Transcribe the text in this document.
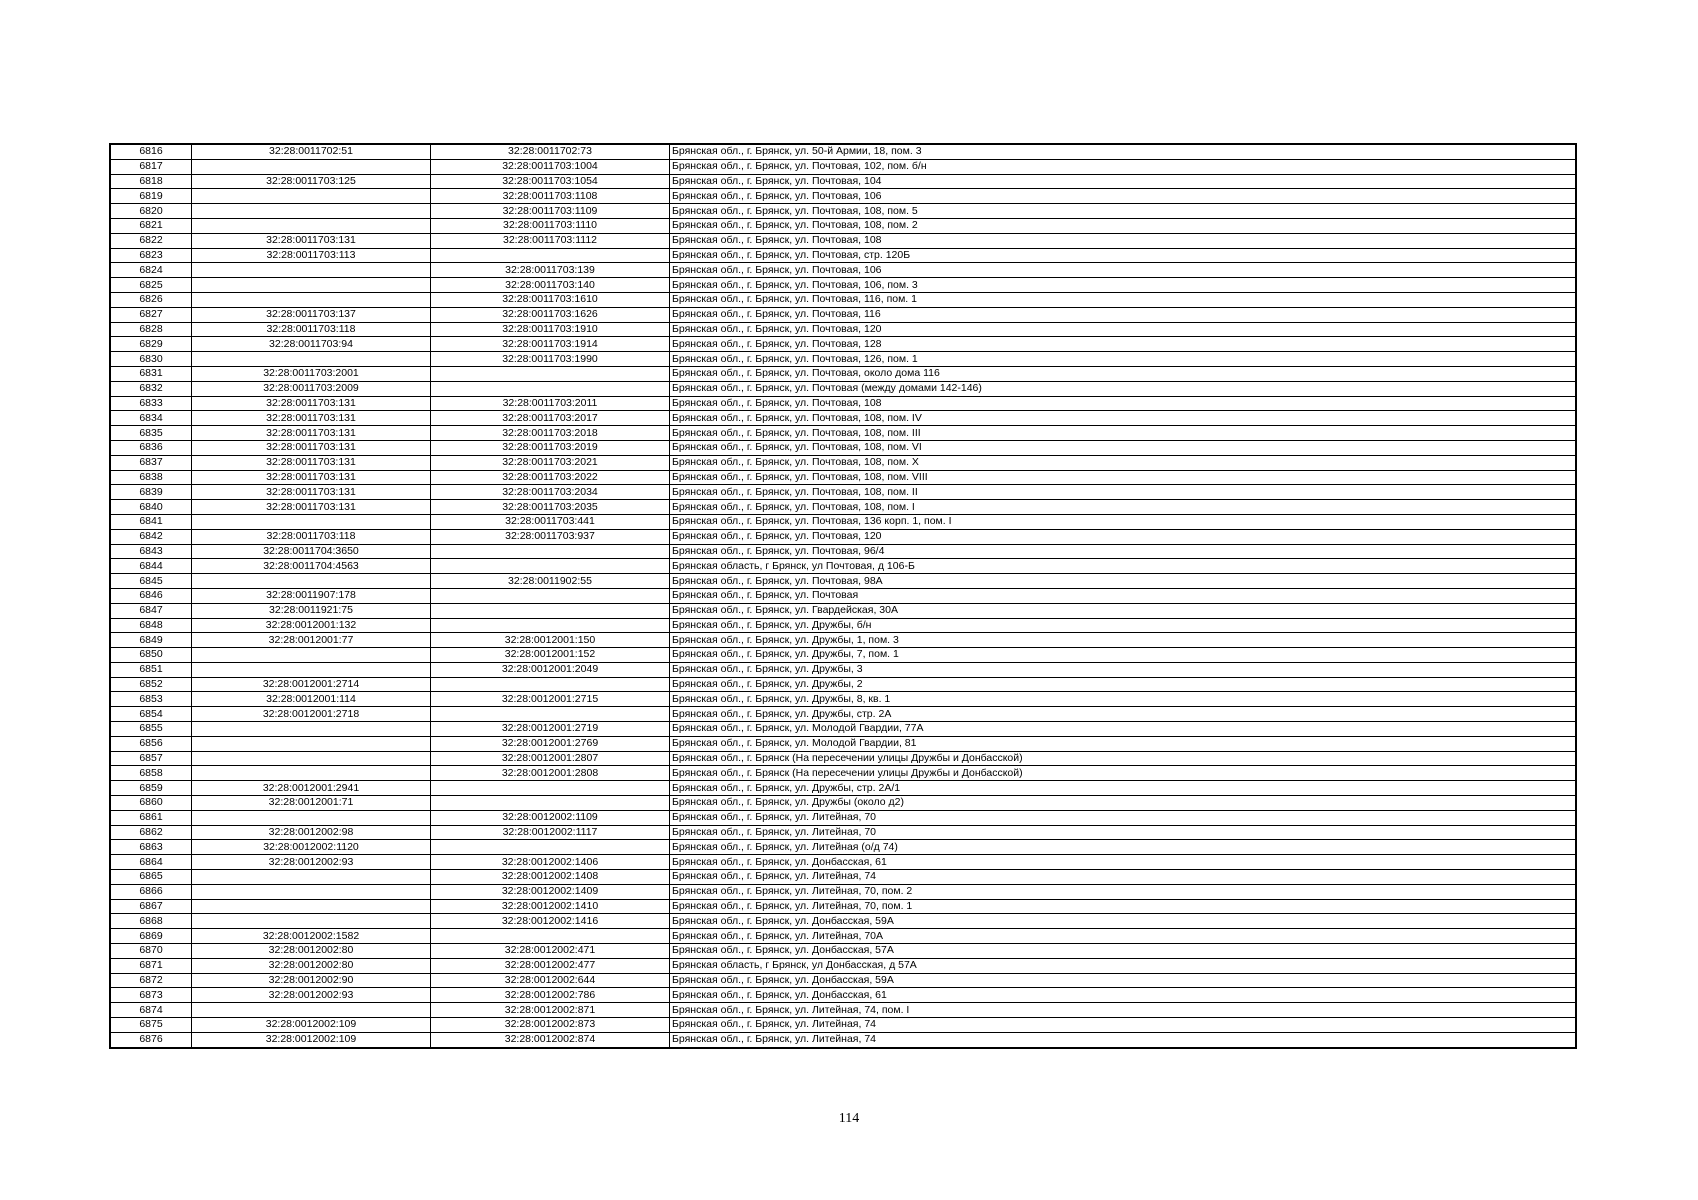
6816	32:28:0011702:51	32:28:0011702:73	Брянская обл., г. Брянск, ул. 50-й Армии, 18, пом. 3
6817		32:28:0011703:1004	Брянская обл., г. Брянск, ул. Почтовая, 102, пом. б/н
6818	32:28:0011703:125	32:28:0011703:1054	Брянская обл., г. Брянск, ул. Почтовая, 104
6819		32:28:0011703:1108	Брянская обл., г. Брянск, ул. Почтовая, 106
6820		32:28:0011703:1109	Брянская обл., г. Брянск, ул. Почтовая, 108, пом. 5
6821		32:28:0011703:1110	Брянская обл., г. Брянск, ул. Почтовая, 108, пом. 2
6822	32:28:0011703:131	32:28:0011703:1112	Брянская обл., г. Брянск, ул. Почтовая, 108
6823	32:28:0011703:113		Брянская обл., г. Брянск, ул. Почтовая, стр. 120Б
6824		32:28:0011703:139	Брянская обл., г. Брянск, ул. Почтовая, 106
6825		32:28:0011703:140	Брянская обл., г. Брянск, ул. Почтовая, 106, пом. 3
6826		32:28:0011703:1610	Брянская обл., г. Брянск, ул. Почтовая, 116, пом. 1
6827	32:28:0011703:137	32:28:0011703:1626	Брянская обл., г. Брянск, ул. Почтовая, 116
6828	32:28:0011703:118	32:28:0011703:1910	Брянская обл., г. Брянск, ул. Почтовая, 120
6829	32:28:0011703:94	32:28:0011703:1914	Брянская обл., г. Брянск, ул. Почтовая, 128
6830		32:28:0011703:1990	Брянская обл., г. Брянск, ул. Почтовая, 126, пом. 1
6831	32:28:0011703:2001		Брянская обл., г. Брянск, ул. Почтовая, около дома 116
6832	32:28:0011703:2009		Брянская обл., г. Брянск, ул. Почтовая (между домами 142-146)
6833	32:28:0011703:131	32:28:0011703:2011	Брянская обл., г. Брянск, ул. Почтовая, 108
6834	32:28:0011703:131	32:28:0011703:2017	Брянская обл., г. Брянск, ул. Почтовая, 108, пом. IV
6835	32:28:0011703:131	32:28:0011703:2018	Брянская обл., г. Брянск, ул. Почтовая, 108, пом. III
6836	32:28:0011703:131	32:28:0011703:2019	Брянская обл., г. Брянск, ул. Почтовая, 108, пом. VI
6837	32:28:0011703:131	32:28:0011703:2021	Брянская обл., г. Брянск, ул. Почтовая, 108, пом. X
6838	32:28:0011703:131	32:28:0011703:2022	Брянская обл., г. Брянск, ул. Почтовая, 108, пом. VIII
6839	32:28:0011703:131	32:28:0011703:2034	Брянская обл., г. Брянск, ул. Почтовая, 108, пом. II
6840	32:28:0011703:131	32:28:0011703:2035	Брянская обл., г. Брянск, ул. Почтовая, 108, пом. I
6841		32:28:0011703:441	Брянская обл., г. Брянск, ул. Почтовая, 136 корп. 1, пом. I
6842	32:28:0011703:118	32:28:0011703:937	Брянская обл., г. Брянск, ул. Почтовая, 120
6843	32:28:0011704:3650		Брянская обл., г. Брянск, ул. Почтовая, 96/4
6844	32:28:0011704:4563		Брянская область, г Брянск, ул Почтовая, д 106-Б
6845		32:28:0011902:55	Брянская обл., г. Брянск, ул. Почтовая, 98А
6846	32:28:0011907:178		Брянская обл., г. Брянск, ул. Почтовая
6847	32:28:0011921:75		Брянская обл., г. Брянск, ул. Гвардейская, 30А
6848	32:28:0012001:132		Брянская обл., г. Брянск, ул. Дружбы, б/н
6849	32:28:0012001:77	32:28:0012001:150	Брянская обл., г. Брянск, ул. Дружбы, 1, пом. 3
6850		32:28:0012001:152	Брянская обл., г. Брянск, ул. Дружбы, 7, пом. 1
6851		32:28:0012001:2049	Брянская обл., г. Брянск, ул. Дружбы, 3
6852	32:28:0012001:2714		Брянская обл., г. Брянск, ул. Дружбы, 2
6853	32:28:0012001:114	32:28:0012001:2715	Брянская обл., г. Брянск, ул. Дружбы, 8, кв. 1
6854	32:28:0012001:2718		Брянская обл., г. Брянск, ул. Дружбы, стр. 2А
6855		32:28:0012001:2719	Брянская обл., г. Брянск, ул. Молодой Гвардии, 77А
6856		32:28:0012001:2769	Брянская обл., г. Брянск, ул. Молодой Гвардии, 81
6857		32:28:0012001:2807	Брянская обл., г. Брянск (На пересечении улицы Дружбы и Донбасской)
6858		32:28:0012001:2808	Брянская обл., г. Брянск (На пересечении улицы Дружбы и Донбасской)
6859	32:28:0012001:2941		Брянская обл., г. Брянск, ул. Дружбы, стр. 2А/1
6860	32:28:0012001:71		Брянская обл., г. Брянск, ул. Дружбы (около д2)
6861		32:28:0012002:1109	Брянская обл., г. Брянск, ул. Литейная, 70
6862	32:28:0012002:98	32:28:0012002:1117	Брянская обл., г. Брянск, ул. Литейная, 70
6863	32:28:0012002:1120		Брянская обл., г. Брянск, ул. Литейная (о/д 74)
6864	32:28:0012002:93	32:28:0012002:1406	Брянская обл., г. Брянск, ул. Донбасская, 61
6865		32:28:0012002:1408	Брянская обл., г. Брянск, ул. Литейная, 74
6866		32:28:0012002:1409	Брянская обл., г. Брянск, ул. Литейная, 70, пом. 2
6867		32:28:0012002:1410	Брянская обл., г. Брянск, ул. Литейная, 70, пом. 1
6868		32:28:0012002:1416	Брянская обл., г. Брянск, ул. Донбасская, 59А
6869	32:28:0012002:1582		Брянская обл., г. Брянск, ул. Литейная, 70А
6870	32:28:0012002:80	32:28:0012002:471	Брянская обл., г. Брянск, ул. Донбасская, 57А
6871	32:28:0012002:80	32:28:0012002:477	Брянская область, г Брянск, ул Донбасская, д 57А
6872	32:28:0012002:90	32:28:0012002:644	Брянская обл., г. Брянск, ул. Донбасская, 59А
6873	32:28:0012002:93	32:28:0012002:786	Брянская обл., г. Брянск, ул. Донбасская, 61
6874		32:28:0012002:871	Брянская обл., г. Брянск, ул. Литейная, 74, пом. I
6875	32:28:0012002:109	32:28:0012002:873	Брянская обл., г. Брянск, ул. Литейная, 74
6876	32:28:0012002:109	32:28:0012002:874	Брянская обл., г. Брянск, ул. Литейная, 74
114
